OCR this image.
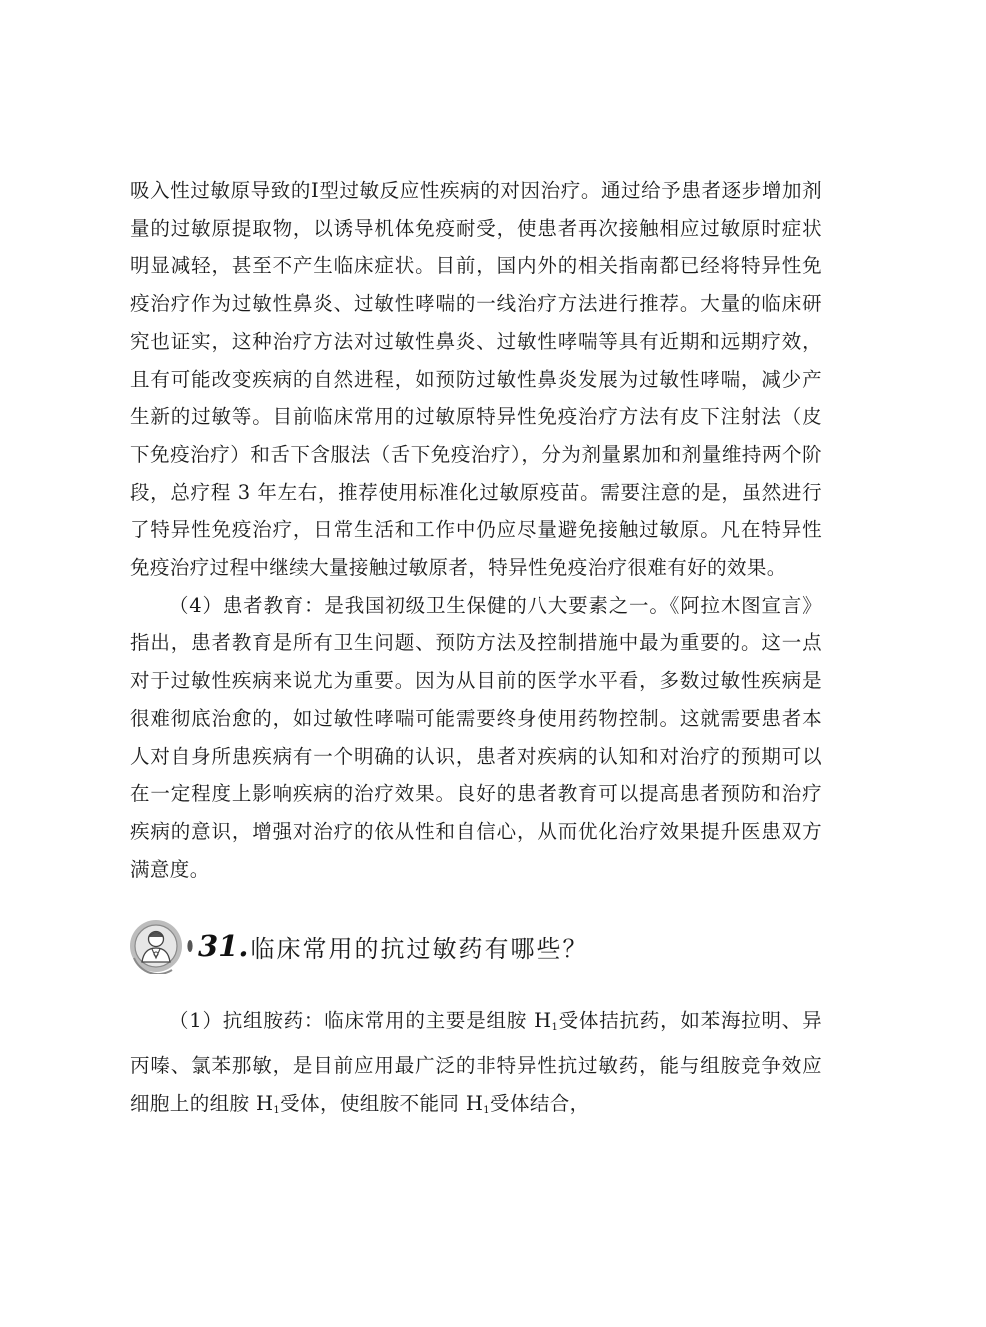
吸入性过敏原导致的Ⅰ型过敏反应性疾病的对因治疗。通过给予患者逐步增加剂量的过敏原提取物，以诱导机体免疫耐受，使患者再次接触相应过敏原时症状明显减轻，甚至不产生临床症状。目前，国内外的相关指南都已经将特异性免疫治疗作为过敏性鼻炎、过敏性哮喘的一线治疗方法进行推荐。大量的临床研究也证实，这种治疗方法对过敏性鼻炎、过敏性哮喘等具有近期和远期疗效，且有可能改变疾病的自然进程，如预防过敏性鼻炎发展为过敏性哮喘，减少产生新的过敏等。目前临床常用的过敏原特异性免疫治疗方法有皮下注射法（皮下免疫治疗）和舌下含服法（舌下免疫治疗），分为剂量累加和剂量维持两个阶段，总疗程 3 年左右，推荐使用标准化过敏原疫苗。需要注意的是，虽然进行了特异性免疫治疗，日常生活和工作中仍应尽量避免接触过敏原。凡在特异性免疫治疗过程中继续大量接触过敏原者，特异性免疫治疗很难有好的效果。

（4）患者教育：是我国初级卫生保健的八大要素之一。《阿拉木图宣言》指出，患者教育是所有卫生问题、预防方法及控制措施中最为重要的。这一点对于过敏性疾病来说尤为重要。因为从目前的医学水平看，多数过敏性疾病是很难彻底治愈的，如过敏性哮喘可能需要终身使用药物控制。这就需要患者本人对自身所患疾病有一个明确的认识，患者对疾病的认知和对治疗的预期可以在一定程度上影响疾病的治疗效果。良好的患者教育可以提高患者预防和治疗疾病的意识，增强对治疗的依从性和自信心，从而优化治疗效果提升医患双方满意度。

31. 临床常用的抗过敏药有哪些？

（1）抗组胺药：临床常用的主要是组胺 $H_1$受体拮抗药，如苯海拉明、异丙嗪、氯苯那敏，是目前应用最广泛的非特异性抗过敏药，能与组胺竞争效应细胞上的组胺 $H_1$受体，使组胺不能同 $H_1$受体结合，
